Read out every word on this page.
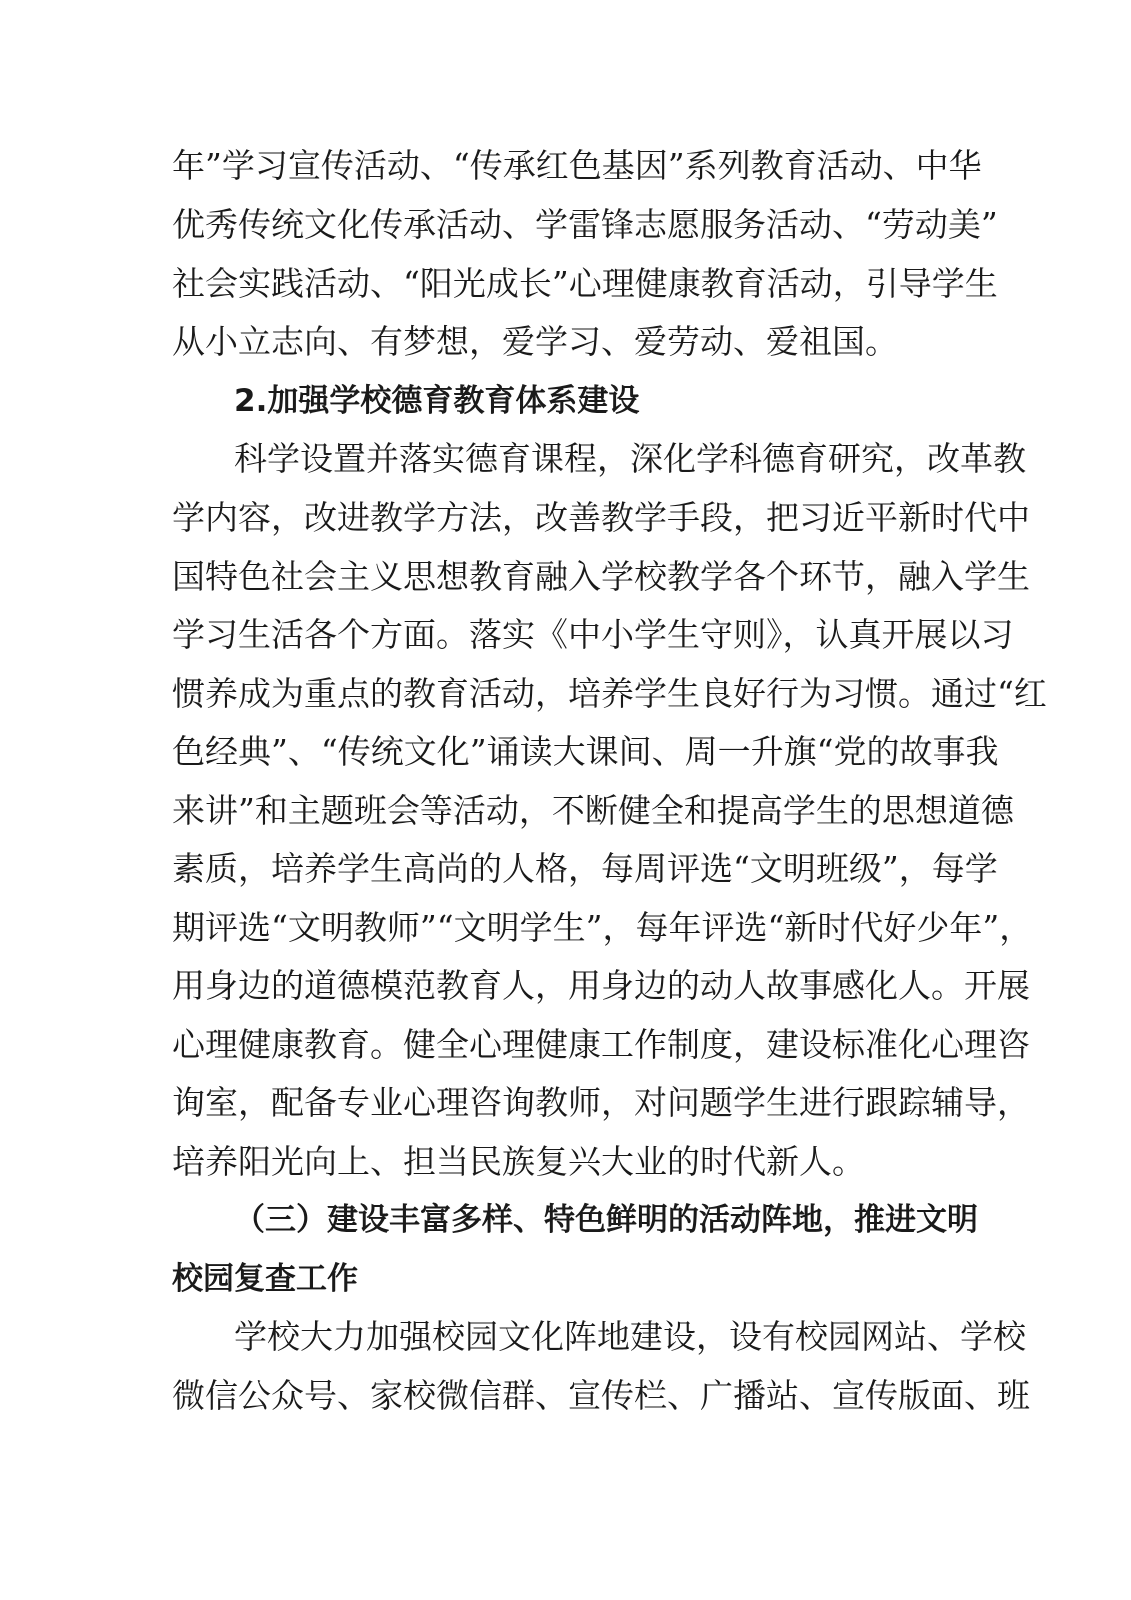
年”学习宣传活动、“传承红色基因”系列教育活动、中华
优秀传统文化传承活动、学雷锋志愿服务活动、“劳动美”
社会实践活动、“阳光成长”心理健康教育活动，引导学生
从小立志向、有梦想，爱学习、爱劳动、爱祖国。
2.加强学校德育教育体系建设
科学设置并落实德育课程，深化学科德育研究，改革教
学内容，改进教学方法，改善教学手段，把习近平新时代中
国特色社会主义思想教育融入学校教学各个环节，融入学生
学习生活各个方面。落实《中小学生守则》，认真开展以习
惯养成为重点的教育活动，培养学生良好行为习惯。通过“红
色经典”、“传统文化”诵读大课间、周一升旗“党的故事我
来讲”和主题班会等活动，不断健全和提高学生的思想道德
素质，培养学生高尚的人格，每周评选“文明班级”，每学
期评选“文明教师”“文明学生”，每年评选“新时代好少年”，
用身边的道德模范教育人，用身边的动人故事感化人。开展
心理健康教育。健全心理健康工作制度，建设标准化心理咨
询室，配备专业心理咨询教师，对问题学生进行跟踪辅导，
培养阳光向上、担当民族复兴大业的时代新人。
（三）建设丰富多样、特色鲜明的活动阵地，推进文明
校园复查工作
学校大力加强校园文化阵地建设，设有校园网站、学校
微信公众号、家校微信群、宣传栏、广播站、宣传版面、班
